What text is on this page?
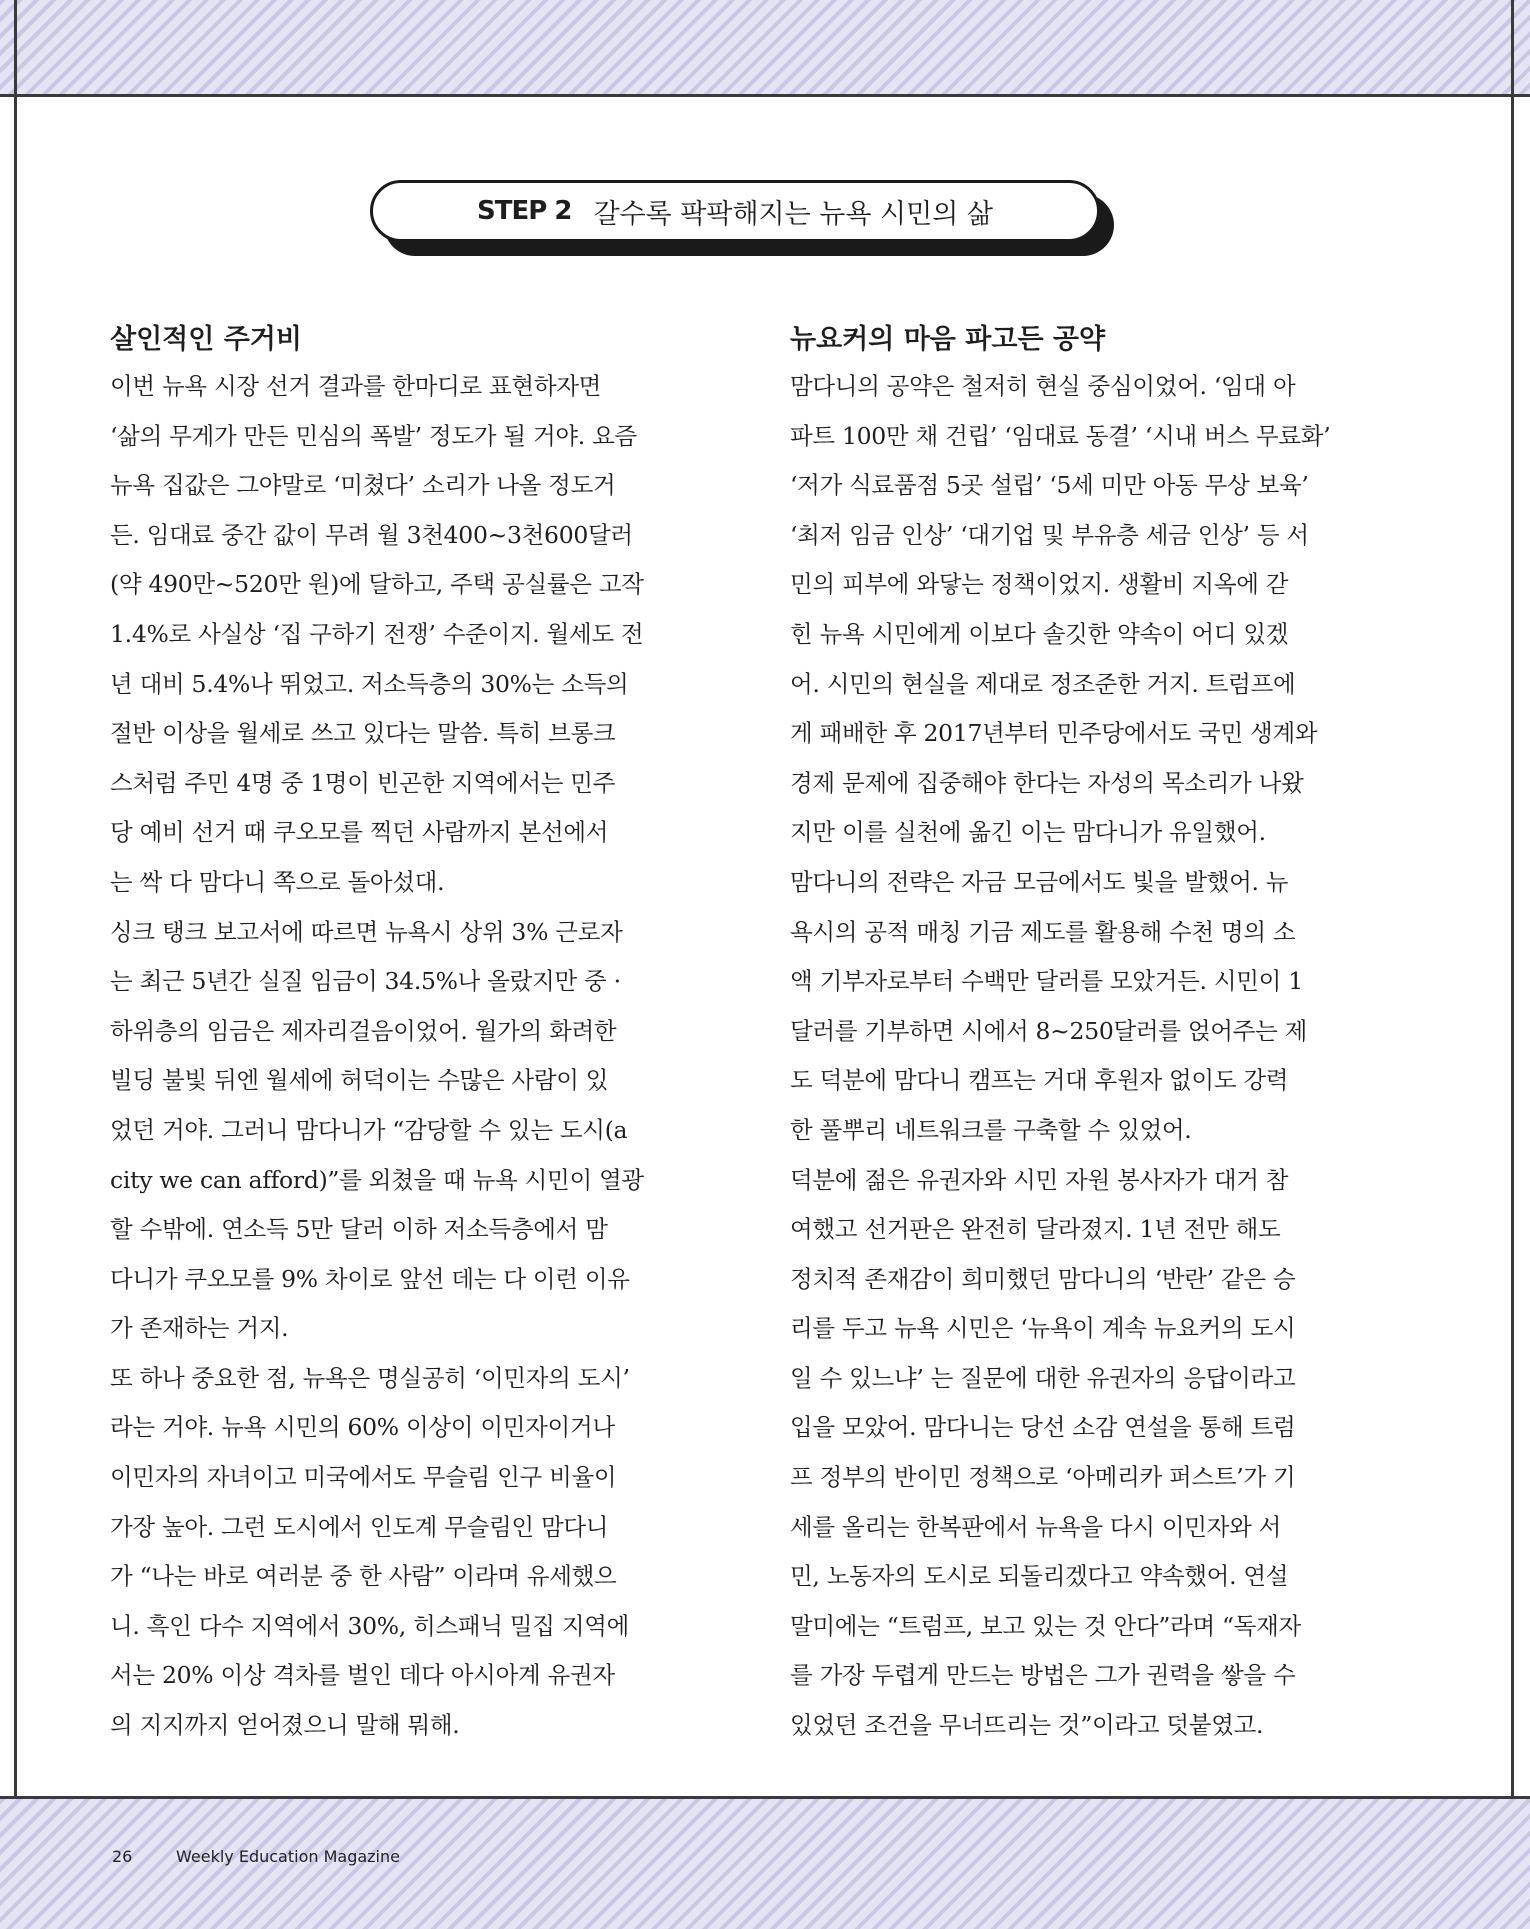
STEP 2 갈수록 팍팍해지는 뉴욕 시민의 삶
살인적인 주거비
이번 뉴욕 시장 선거 결과를 한마디로 표현하자면
‘삶의 무게가 만든 민심의 폭발’ 정도가 될 거야. 요즘
뉴욕 집값은 그야말로 ‘미쳤다’ 소리가 나올 정도거
든. 임대료 중간 값이 무려 월 3천400~3천600달러
(약 490만~520만 원)에 달하고, 주택 공실률은 고작
1.4%로 사실상 ‘집 구하기 전쟁’ 수준이지. 월세도 전
년 대비 5.4%나 뛰었고. 저소득층의 30%는 소득의
절반 이상을 월세로 쓰고 있다는 말씀. 특히 브롱크
스처럼 주민 4명 중 1명이 빈곤한 지역에서는 민주
당 예비 선거 때 쿠오모를 찍던 사람까지 본선에서
는 싹 다 맘다니 쪽으로 돌아섰대.
싱크 탱크 보고서에 따르면 뉴욕시 상위 3% 근로자
는 최근 5년간 실질 임금이 34.5%나 올랐지만 중 ·
하위층의 임금은 제자리걸음이었어. 월가의 화려한
빌딩 불빛 뒤엔 월세에 허덕이는 수많은 사람이 있
었던 거야. 그러니 맘다니가 “감당할 수 있는 도시(a
city we can afford)”를 외쳤을 때 뉴욕 시민이 열광
할 수밖에. 연소득 5만 달러 이하 저소득층에서 맘
다니가 쿠오모를 9% 차이로 앞선 데는 다 이런 이유
가 존재하는 거지.
또 하나 중요한 점, 뉴욕은 명실공히 ‘이민자의 도시’
라는 거야. 뉴욕 시민의 60% 이상이 이민자이거나
이민자의 자녀이고 미국에서도 무슬림 인구 비율이
가장 높아. 그런 도시에서 인도계 무슬림인 맘다니
가 “나는 바로 여러분 중 한 사람” 이라며 유세했으
니. 흑인 다수 지역에서 30%, 히스패닉 밀집 지역에
서는 20% 이상 격차를 벌인 데다 아시아계 유권자
의 지지까지 얻어졌으니 말해 뭐해.
뉴요커의 마음 파고든 공약
맘다니의 공약은 철저히 현실 중심이었어. ‘임대 아
파트 100만 채 건립’ ‘임대료 동결’ ‘시내 버스 무료화’
‘저가 식료품점 5곳 설립’ ‘5세 미만 아동 무상 보육’
‘최저 임금 인상’ ‘대기업 및 부유층 세금 인상’ 등 서
민의 피부에 와닿는 정책이었지. 생활비 지옥에 갇
힌 뉴욕 시민에게 이보다 솔깃한 약속이 어디 있겠
어. 시민의 현실을 제대로 정조준한 거지. 트럼프에
게 패배한 후 2017년부터 민주당에서도 국민 생계와
경제 문제에 집중해야 한다는 자성의 목소리가 나왔
지만 이를 실천에 옮긴 이는 맘다니가 유일했어.
맘다니의 전략은 자금 모금에서도 빛을 발했어. 뉴
욕시의 공적 매칭 기금 제도를 활용해 수천 명의 소
액 기부자로부터 수백만 달러를 모았거든. 시민이 1
달러를 기부하면 시에서 8~250달러를 얹어주는 제
도 덕분에 맘다니 캠프는 거대 후원자 없이도 강력
한 풀뿌리 네트워크를 구축할 수 있었어.
덕분에 젊은 유권자와 시민 자원 봉사자가 대거 참
여했고 선거판은 완전히 달라졌지. 1년 전만 해도
정치적 존재감이 희미했던 맘다니의 ‘반란’ 같은 승
리를 두고 뉴욕 시민은 ‘뉴욕이 계속 뉴요커의 도시
일 수 있느냐’ 는 질문에 대한 유권자의 응답이라고
입을 모았어. 맘다니는 당선 소감 연설을 통해 트럼
프 정부의 반이민 정책으로 ‘아메리카 퍼스트’가 기
세를 올리는 한복판에서 뉴욕을 다시 이민자와 서
민, 노동자의 도시로 되돌리겠다고 약속했어. 연설
말미에는 “트럼프, 보고 있는 것 안다”라며 “독재자
를 가장 두렵게 만드는 방법은 그가 권력을 쌓을 수
있었던 조건을 무너뜨리는 것”이라고 덧붙였고.
26	Weekly Education Magazine
